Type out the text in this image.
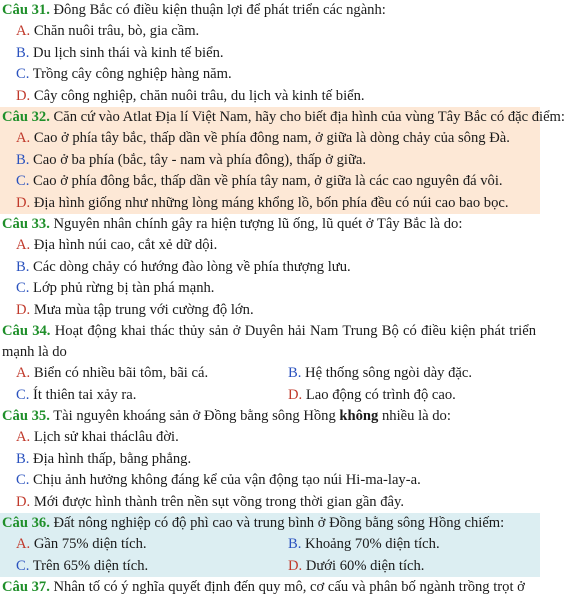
Câu 31. Đông Bắc có điều kiện thuận lợi để phát triển các ngành:
A. Chăn nuôi trâu, bò, gia cầm.
B. Du lịch sinh thái và kinh tế biển.
C. Trồng cây công nghiệp hàng năm.
D. Cây công nghiệp, chăn nuôi trâu, du lịch và kinh tế biển.
Câu 32. Căn cứ vào Atlat Địa lí Việt Nam, hãy cho biết địa hình của vùng Tây Bắc có đặc điểm:
A. Cao ở phía tây bắc, thấp dần về phía đông nam, ở giữa là dòng chảy của sông Đà.
B. Cao ở ba phía (bắc, tây - nam và phía đông), thấp ở giữa.
C. Cao ở phía đông bắc, thấp dần về phía tây nam, ở giữa là các cao nguyên đá vôi.
D. Địa hình giống như những lòng máng khổng lồ, bốn phía đều có núi cao bao bọc.
Câu 33. Nguyên nhân chính gây ra hiện tượng lũ ống, lũ quét ở Tây Bắc là do:
A. Địa hình núi cao, cắt xẻ dữ dội.
B. Các dòng chảy có hướng đào lòng về phía thượng lưu.
C. Lớp phủ rừng bị tàn phá mạnh.
D. Mưa mùa tập trung với cường độ lớn.
Câu 34. Hoạt động khai thác thủy sản ở Duyên hải Nam Trung Bộ có điều kiện phát triển mạnh là do
A. Biển có nhiều bãi tôm, bãi cá.	B. Hệ thống sông ngòi dày đặc.
C. Ít thiên tai xảy ra.	D. Lao động có trình độ cao.
Câu 35. Tài nguyên khoáng sản ở Đồng bằng sông Hồng không nhiều là do:
A. Lịch sử khai tháclâu đời.
B. Địa hình thấp, bằng phẳng.
C. Chịu ảnh hưởng không đáng kể của vận động tạo núi Hi-ma-lay-a.
D. Mới được hình thành trên nền sụt võng trong thời gian gần đây.
Câu 36. Đất nông nghiệp có độ phì cao và trung bình ở Đồng bằng sông Hồng chiếm:
A. Gần 75% diện tích.	B. Khoảng 70% diện tích.
C. Trên 65% diện tích.	D. Dưới 60% diện tích.
Câu 37. Nhân tố có ý nghĩa quyết định đến quy mô, cơ cấu và phân bố ngành trồng trọt ở
